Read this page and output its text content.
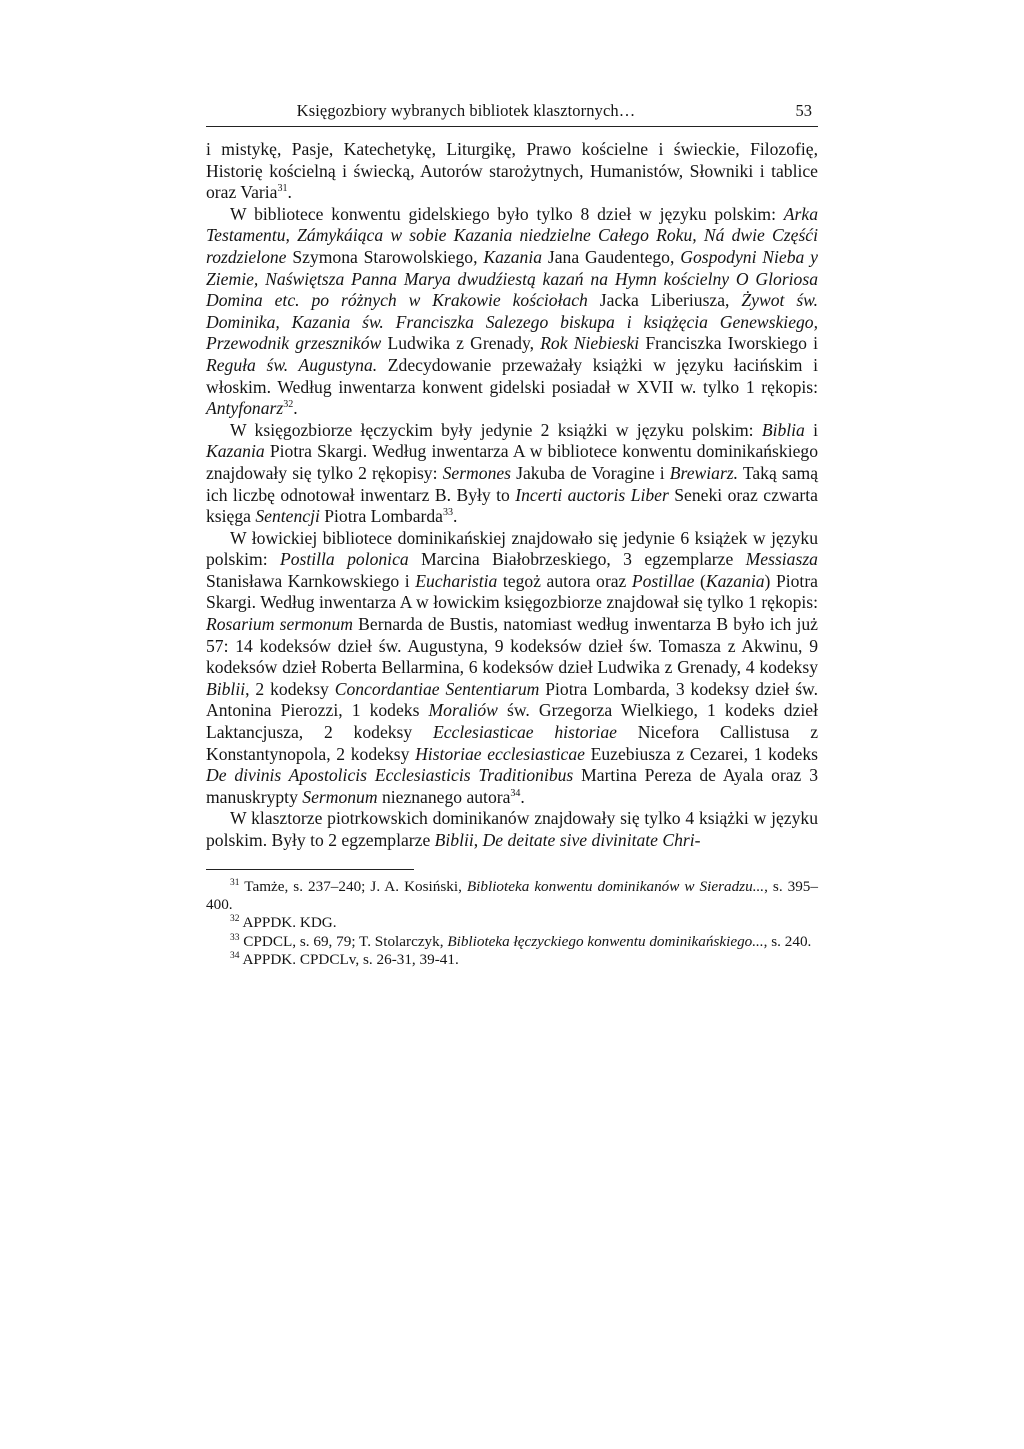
Księgozbiory wybranych bibliotek klasztornych…	53

i mistykę, Pasje, Katechetykę, Liturgikę, Prawo kościelne i świeckie, Filozofię, Historię kościelną i świecką, Autorów starożytnych, Humanistów, Słowniki i tablice oraz Varia$^{31}$.

W bibliotece konwentu gidelskiego było tylko 8 dzieł w języku polskim: Arka Testamentu, Zámykáiąca w sobie Kazania niedzielne Całego Roku, Ná dwie Częśći rozdzielone Szymona Starowolskiego, Kazania Jana Gaudentego, Gospodyni Nieba y Ziemie, Naświętsza Panna Marya dwudźiestą kazań na Hymn kościelny O Gloriosa Domina etc. po różnych w Krakowie kościołach Jacka Liberiusza, Żywot św. Dominika, Kazania św. Franciszka Salezego biskupa i książęcia Genewskiego, Przewodnik grzeszników Ludwika z Grenady, Rok Niebieski Franciszka Iworskiego i Reguła św. Augustyna. Zdecydowanie przeważały książki w języku łacińskim i włoskim. Według inwentarza konwent gidelski posiadał w XVII w. tylko 1 rękopis: Antyfonarz$^{32}$.

W księgozbiorze łęczyckim były jedynie 2 książki w języku polskim: Biblia i Kazania Piotra Skargi. Według inwentarza A w bibliotece konwentu dominikańskiego znajdowały się tylko 2 rękopisy: Sermones Jakuba de Voragine i Brewiarz. Taką samą ich liczbę odnotował inwentarz B. Były to Incerti auctoris Liber Seneki oraz czwarta księga Sentencji Piotra Lombarda$^{33}$.

W łowickiej bibliotece dominikańskiej znajdowało się jedynie 6 książek w języku polskim: Postilla polonica Marcina Białobrzeskiego, 3 egzemplarze Messiasza Stanisława Karnkowskiego i Eucharistia tegoż autora oraz Postillae (Kazania) Piotra Skargi. Według inwentarza A w łowickim księgozbiorze znajdował się tylko 1 rękopis: Rosarium sermonum Bernarda de Bustis, natomiast według inwentarza B było ich już 57: 14 kodeksów dzieł św. Augustyna, 9 kodeksów dzieł św. Tomasza z Akwinu, 9 kodeksów dzieł Roberta Bellarmina, 6 kodeksów dzieł Ludwika z Grenady, 4 kodeksy Biblii, 2 kodeksy Concordantiae Sententiarum Piotra Lombarda, 3 kodeksy dzieł św. Antonina Pierozzi, 1 kodeks Moraliów św. Grzegorza Wielkiego, 1 kodeks dzieł Laktancjusza, 2 kodeksy Ecclesiasticae historiae Nicefora Callistusa z Konstantynopola, 2 kodeksy Historiae ecclesiasticae Euzebiusza z Cezarei, 1 kodeks De divinis Apostolicis Ecclesiasticis Traditionibus Martina Pereza de Ayala oraz 3 manuskrypty Sermonum nieznanego autora$^{34}$.

W klasztorze piotrkowskich dominikanów znajdowały się tylko 4 książki w języku polskim. Były to 2 egzemplarze Biblii, De deitate sive divinitate Chri-

$^{31}$ Tamże, s. 237–240; J. A. Kosiński, Biblioteka konwentu dominikanów w Sieradzu..., s. 395–400.

$^{32}$ APPDK. KDG.

$^{33}$ CPDCL, s. 69, 79; T. Stolarczyk, Biblioteka łęczyckiego konwentu dominikańskiego..., s. 240.

$^{34}$ APPDK. CPDCLv, s. 26-31, 39-41.
